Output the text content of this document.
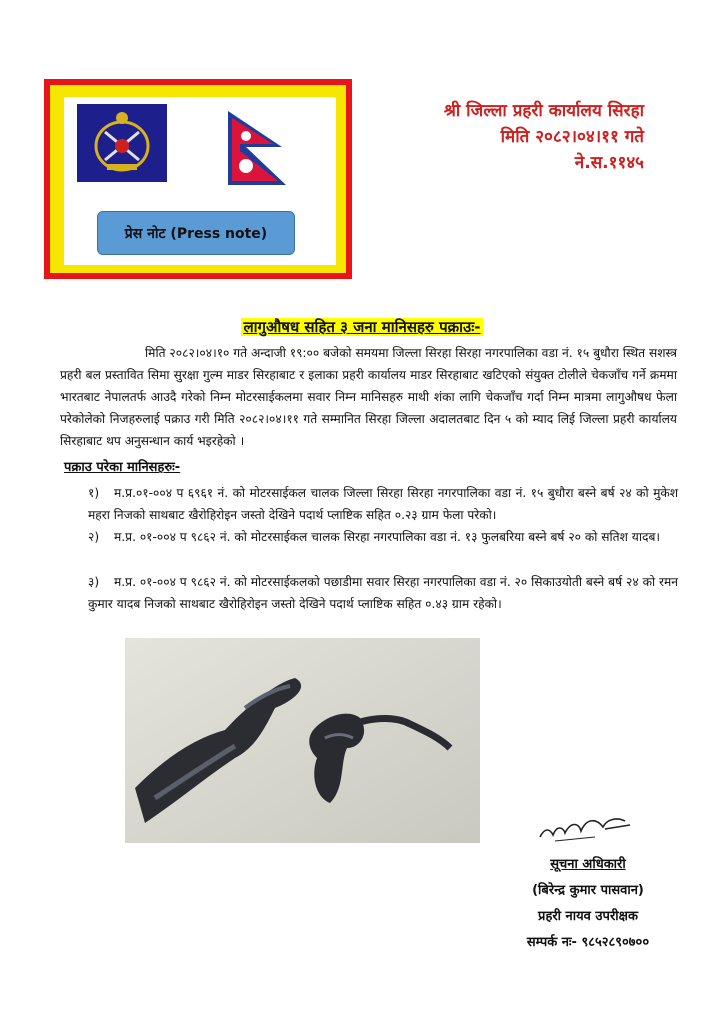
प्रेस नोट (Press note)
श्री जिल्ला प्रहरी कार्यालय सिरहा
मिति २०८२।०४।११ गते
ने.स.११४५
लागुऔषध सहित ३ जना मानिसहरु पक्राउः-
मिति २०८२।०४।१० गते अन्दाजी १९:०० बजेको समयमा जिल्ला सिरहा सिरहा नगरपालिका वडा नं. १५ बुधौरा स्थित सशस्त्र प्रहरी बल प्रस्तावित सिमा सुरक्षा गुल्म माडर सिरहाबाट र इलाका प्रहरी कार्यालय माडर सिरहाबाट खटिएको संयुक्त टोलीले चेकजाँच गर्ने क्रममा भारतबाट नेपालतर्फ आउदै गरेको निम्न मोटरसाईकलमा सवार निम्न मानिसहरु माथी शंका लागि चेकजाँच गर्दा निम्न मात्रमा लागुऔषध फेला परेकोलेको निजहरुलाई पक्राउ गरी मिति २०८२।०४।११ गते सम्मानित सिरहा जिल्ला अदालतबाट दिन ५ को म्याद लिई जिल्ला प्रहरी कार्यालय सिरहाबाट थप अनुसन्धान कार्य भइरहेको ।
पक्राउ परेका मानिसहरुः-
१) म.प्र.०१-००४ प ६९६१ नं. को मोटरसाईकल चालक जिल्ला सिरहा सिरहा नगरपालिका वडा नं. १५ बुधौरा बस्ने बर्ष २४ को मुकेश महरा निजको साथबाट खैरोहिरोइन जस्तो देखिने पदार्थ प्लाष्टिक सहित ०.२३ ग्राम फेला परेको।
२) म.प्र. ०१-००४ प ९८६२ नं. को मोटरसाईकल चालक सिरहा नगरपालिका वडा नं. १३ फुलबरिया बस्ने बर्ष २० को सतिश यादब।
३) म.प्र. ०१-००४ प ९८६२ नं. को मोटरसाईकलको पछाडीमा सवार सिरहा नगरपालिका वडा नं. २० सिकाउयोती बस्ने बर्ष २४ को रमन कुमार यादब निजको साथबाट खैरोहिरोइन जस्तो देखिने पदार्थ प्लाष्टिक सहित ०.४३ ग्राम रहेको।
सूचना अधिकारी
(बिरेन्द्र कुमार पासवान)
प्रहरी नायव उपरीक्षक
सम्पर्क नः- ९८५२८९०७००
